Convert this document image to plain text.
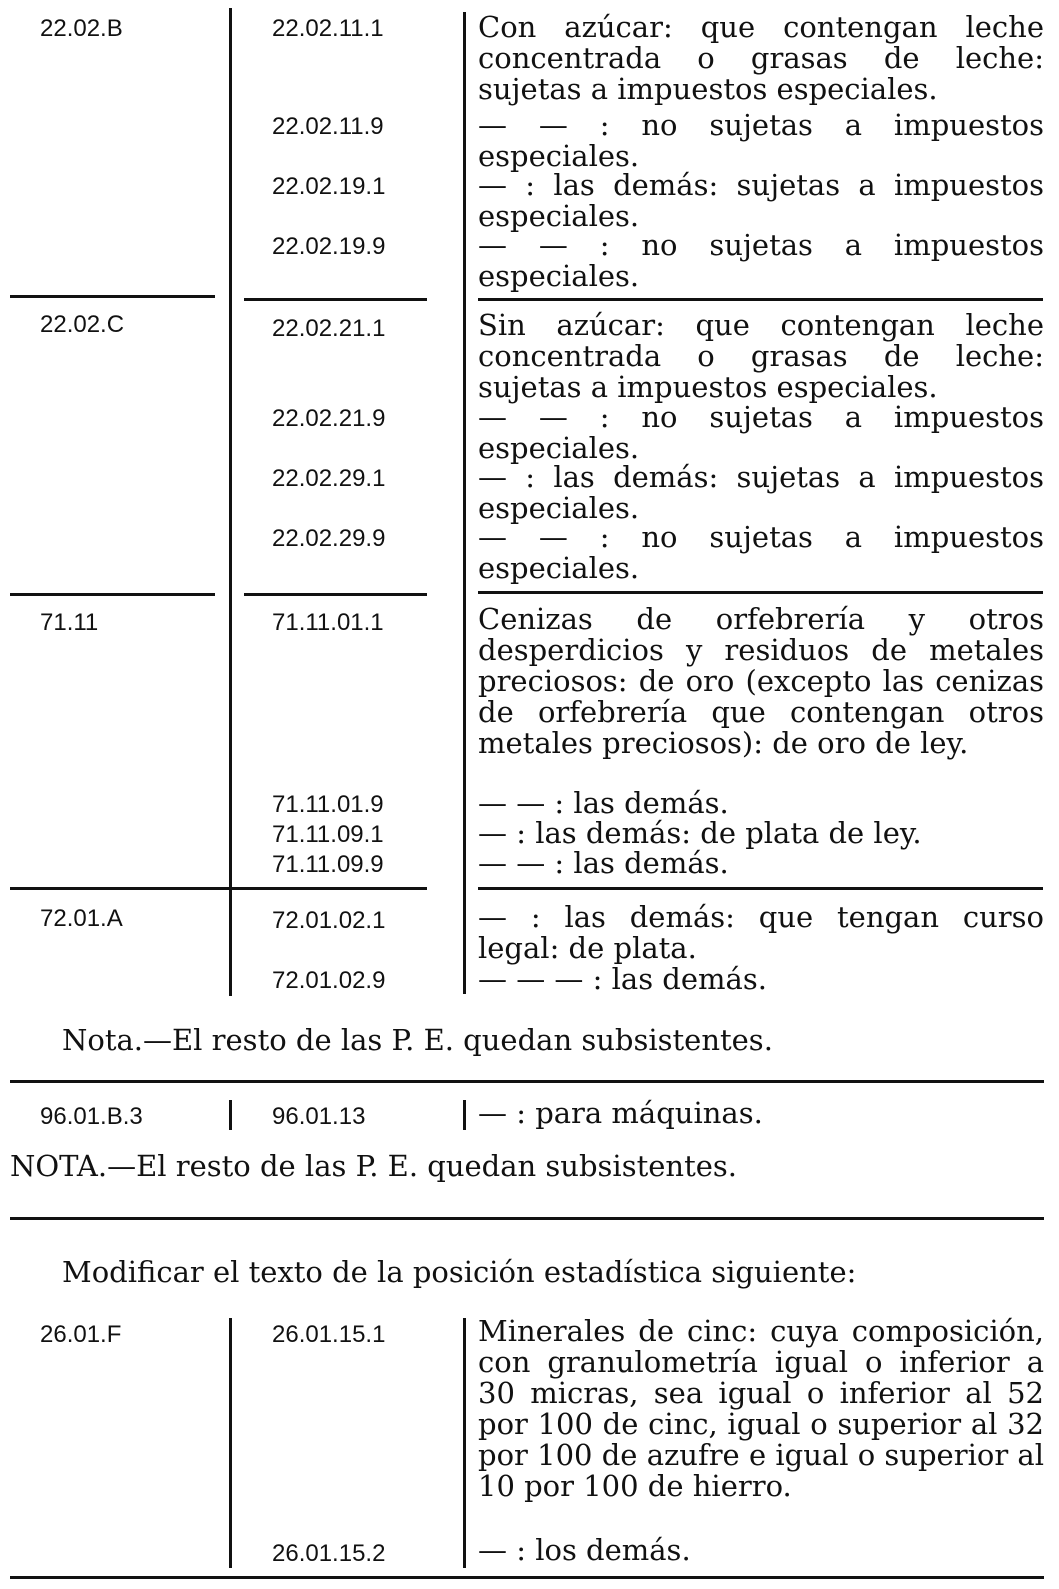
22.02.B	22.02.11.1	Con azúcar: que contengan leche concentrada o grasas de leche: sujetas a impuestos especiales.
22.02.11.9	— — : no sujetas a impuestos especiales.
22.02.19.1	— : las demás: sujetas a impuestos especiales.
22.02.19.9	— — : no sujetas a impuestos especiales.
22.02.C	22.02.21.1	Sin azúcar: que contengan leche concentrada o grasas de leche: sujetas a impuestos especiales.
22.02.21.9	— — : no sujetas a impuestos especiales.
22.02.29.1	— : las demás: sujetas a impuestos especiales.
22.02.29.9	— — : no sujetas a impuestos especiales.
71.11	71.11.01.1	Cenizas de orfebrería y otros desperdicios y residuos de metales preciosos: de oro (excepto las cenizas de orfebrería que contengan otros metales preciosos): de oro de ley.
71.11.01.9	— — : las demás.
71.11.09.1	— : las demás: de plata de ley.
71.11.09.9	— — : las demás.
72.01.A	72.01.02.1	— : las demás: que tengan curso legal: de plata.
72.01.02.9	— — — : las demás.
Nota.—El resto de las P. E. quedan subsistentes.
96.01.B.3	96.01.13	— : para máquinas.
NOTA.—El resto de las P. E. quedan subsistentes.
Modificar el texto de la posición estadística siguiente:
26.01.F	26.01.15.1	Minerales de cinc: cuya composición, con granulometría igual o inferior a 30 micras, sea igual o inferior al 52 por 100 de cinc, igual o superior al 32 por 100 de azufre e igual o superior al 10 por 100 de hierro.
26.01.15.2	— : los demás.
